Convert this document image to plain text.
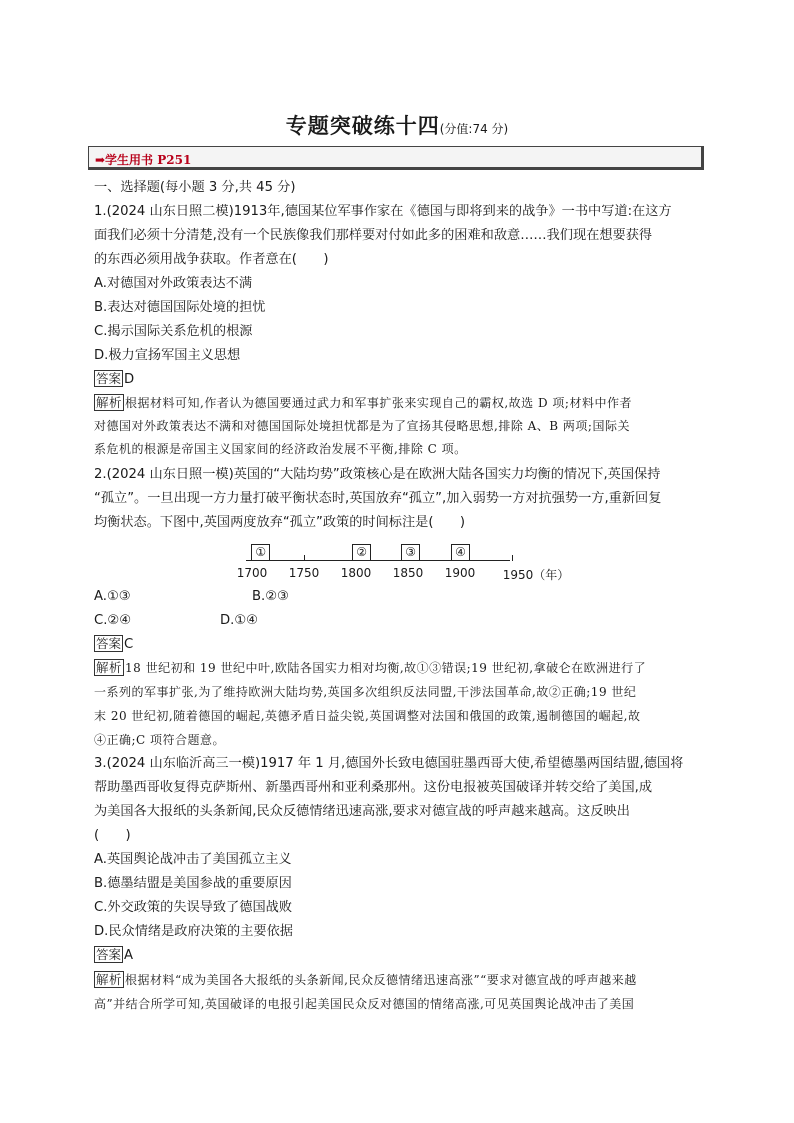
专题突破练十四(分值:74 分)
➡学生用书 P251
一、选择题(每小题 3 分,共 45 分)
1.(2024 山东日照二模)1913年,德国某位军事作家在《德国与即将到来的战争》一书中写道:在这方
面我们必须十分清楚,没有一个民族像我们那样要对付如此多的困难和敌意……我们现在想要获得
的东西必须用战争获取。作者意在(　　)
A.对德国对外政策表达不满
B.表达对德国国际处境的担忧
C.揭示国际关系危机的根源
D.极力宣扬军国主义思想
答案 D
解析 根据材料可知,作者认为德国要通过武力和军事扩张来实现自己的霸权,故选 D 项;材料中作者
对德国对外政策表达不满和对德国国际处境担忧都是为了宣扬其侵略思想,排除 A、B 两项;国际关
系危机的根源是帝国主义国家间的经济政治发展不平衡,排除 C 项。
2.(2024 山东日照一模)英国的“大陆均势”政策核心是在欧洲大陆各国实力均衡的情况下,英国保持
“孤立”。一旦出现一方力量打破平衡状态时,英国放弃“孤立”,加入弱势一方对抗强势一方,重新回复
均衡状态。下图中,英国两度放弃“孤立”政策的时间标注是(　　)
1700 1750 1800 1850 1900 1950（年）
①	②	③	④
A.①③	B.②③
C.②④	D.①④
答案 C
解析 18 世纪初和 19 世纪中叶,欧陆各国实力相对均衡,故①③错误;19 世纪初,拿破仑在欧洲进行了
一系列的军事扩张,为了维持欧洲大陆均势,英国多次组织反法同盟,干涉法国革命,故②正确;19 世纪
末 20 世纪初,随着德国的崛起,英德矛盾日益尖锐,英国调整对法国和俄国的政策,遏制德国的崛起,故
④正确;C 项符合题意。
3.(2024 山东临沂高三一模)1917 年 1 月,德国外长致电德国驻墨西哥大使,希望德墨两国结盟,德国将
帮助墨西哥收复得克萨斯州、新墨西哥州和亚利桑那州。这份电报被英国破译并转交给了美国,成
为美国各大报纸的头条新闻,民众反德情绪迅速高涨,要求对德宣战的呼声越来越高。这反映出
(　　)
A.英国舆论战冲击了美国孤立主义
B.德墨结盟是美国参战的重要原因
C.外交政策的失误导致了德国战败
D.民众情绪是政府决策的主要依据
答案 A
解析 根据材料“成为美国各大报纸的头条新闻,民众反德情绪迅速高涨”“要求对德宣战的呼声越来越
高”并结合所学可知,英国破译的电报引起美国民众反对德国的情绪高涨,可见英国舆论战冲击了美国
